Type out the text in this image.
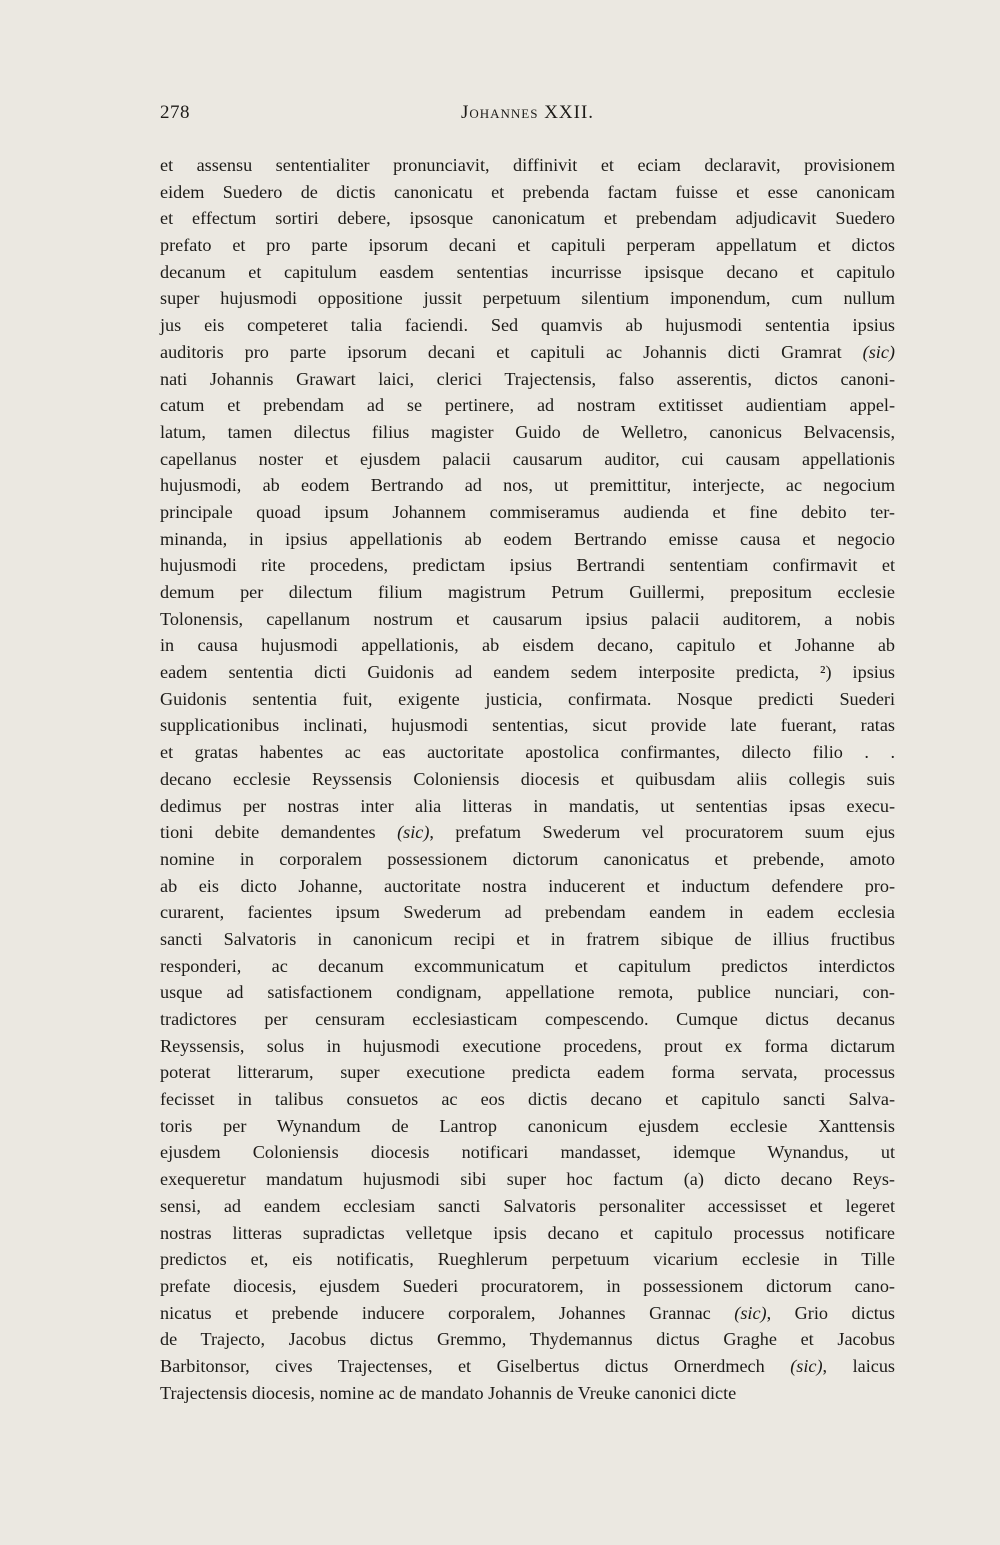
278	Johannes XXII.
et assensu sententialiter pronunciavit, diffinivit et eciam declaravit, provisionem
eidem Suedero de dictis canonicatu et prebenda factam fuisse et esse canonicam
et effectum sortiri debere, ipsosque canonicatum et prebendam adjudicavit Suedero
prefato et pro parte ipsorum decani et capituli perperam appellatum et dictos
decanum et capitulum easdem sententias incurrisse ipsisque decano et capitulo
super hujusmodi oppositione jussit perpetuum silentium imponendum, cum nullum
jus eis competeret talia faciendi. Sed quamvis ab hujusmodi sententia ipsius
auditoris pro parte ipsorum decani et capituli ac Johannis dicti Gramrat (sic)
nati Johannis Grawart laici, clerici Trajectensis, falso asserentis, dictos canoni-
catum et prebendam ad se pertinere, ad nostram extitisset audientiam appel-
latum, tamen dilectus filius magister Guido de Welletro, canonicus Belvacensis,
capellanus noster et ejusdem palacii causarum auditor, cui causam appellationis
hujusmodi, ab eodem Bertrando ad nos, ut premittitur, interjecte, ac negocium
principale quoad ipsum Johannem commiseramus audienda et fine debito ter-
minanda, in ipsius appellationis ab eodem Bertrando emisse causa et negocio
hujusmodi rite procedens, predictam ipsius Bertrandi sententiam confirmavit et
demum per dilectum filium magistrum Petrum Guillermi, prepositum ecclesie
Tolonensis, capellanum nostrum et causarum ipsius palacii auditorem, a nobis
in causa hujusmodi appellationis, ab eisdem decano, capitulo et Johanne ab
eadem sententia dicti Guidonis ad eandem sedem interposite predicta, ²) ipsius
Guidonis sententia fuit, exigente justicia, confirmata. Nosque predicti Suederi
supplicationibus inclinati, hujusmodi sententias, sicut provide late fuerant, ratas
et gratas habentes ac eas auctoritate apostolica confirmantes, dilecto filio . .
decano ecclesie Reyssensis Coloniensis diocesis et quibusdam aliis collegis suis
dedimus per nostras inter alia litteras in mandatis, ut sententias ipsas execu-
tioni debite demandentes (sic), prefatum Swederum vel procuratorem suum ejus
nomine in corporalem possessionem dictorum canonicatus et prebende, amoto
ab eis dicto Johanne, auctoritate nostra inducerent et inductum defendere pro-
curarent, facientes ipsum Swederum ad prebendam eandem in eadem ecclesia
sancti Salvatoris in canonicum recipi et in fratrem sibique de illius fructibus
responderi, ac decanum excommunicatum et capitulum predictos interdictos
usque ad satisfactionem condignam, appellatione remota, publice nunciari, con-
tradictores per censuram ecclesiasticam compescendo. Cumque dictus decanus
Reyssensis, solus in hujusmodi executione procedens, prout ex forma dictarum
poterat litterarum, super executione predicta eadem forma servata, processus
fecisset in talibus consuetos ac eos dictis decano et capitulo sancti Salva-
toris per Wynandum de Lantrop canonicum ejusdem ecclesie Xanttensis
ejusdem Coloniensis diocesis notificari mandasset, idemque Wynandus, ut
exequeretur mandatum hujusmodi sibi super hoc factum (a) dicto decano Reys-
sensi, ad eandem ecclesiam sancti Salvatoris personaliter accessisset et legeret
nostras litteras supradictas velletque ipsis decano et capitulo processus notificare
predictos et, eis notificatis, Rueghlerum perpetuum vicarium ecclesie in Tille
prefate diocesis, ejusdem Suederi procuratorem, in possessionem dictorum cano-
nicatus et prebende inducere corporalem, Johannes Grannac (sic), Grio dictus
de Trajecto, Jacobus dictus Gremmo, Thydemannus dictus Graghe et Jacobus
Barbitonsor, cives Trajectenses, et Giselbertus dictus Ornerdmech (sic), laicus
Trajectensis diocesis, nomine ac de mandato Johannis de Vreuke canonici dicte
